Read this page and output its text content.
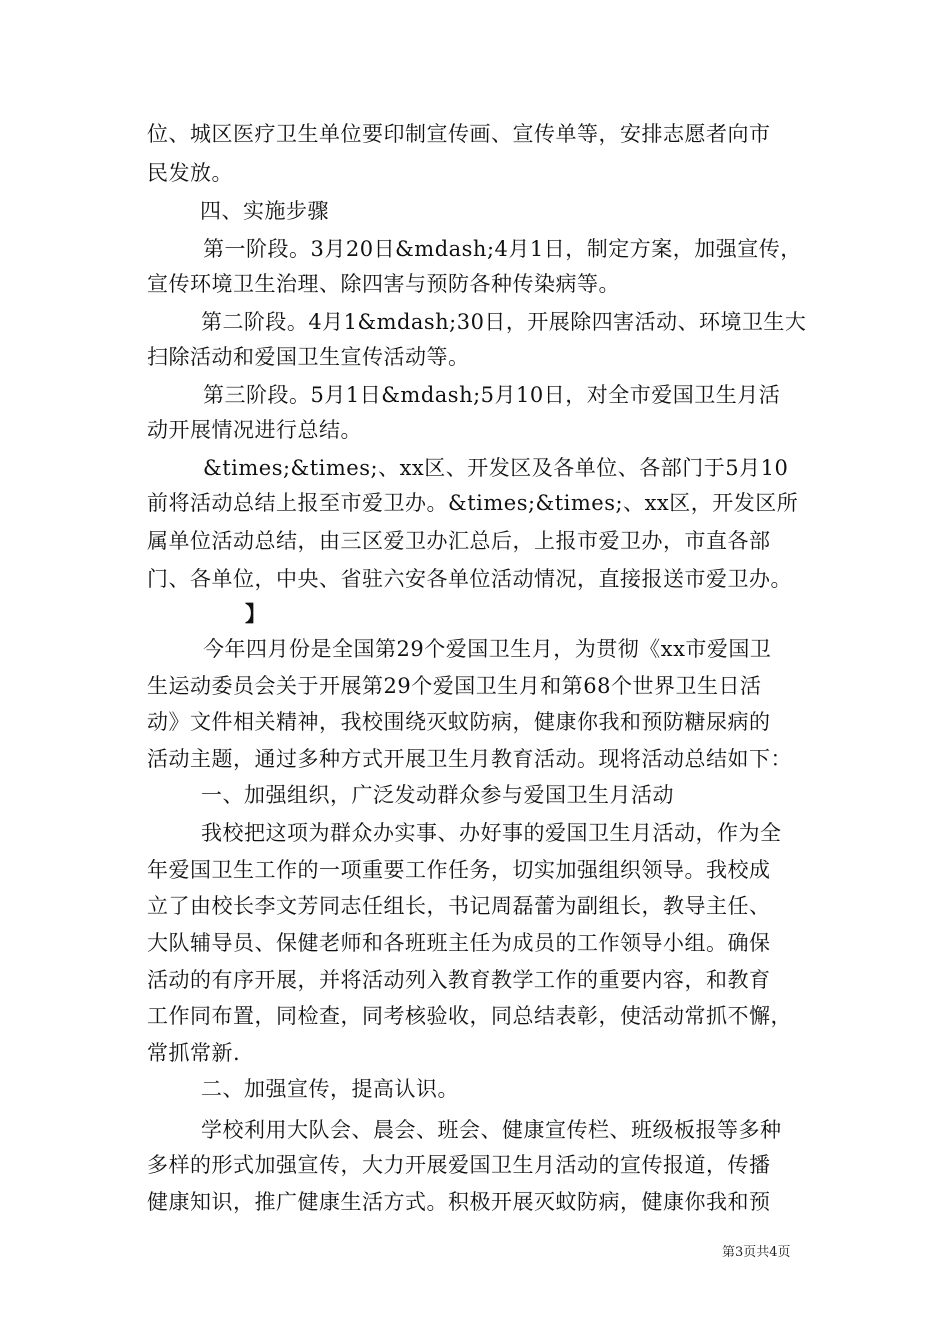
位、城区医疗卫生单位要印制宣传画、宣传单等，安排志愿者向市
民发放。
四、实施步骤
第一阶段。3月20日&mdash;4月1日，制定方案，加强宣传，
宣传环境卫生治理、除四害与预防各种传染病等。
第二阶段。4月1&mdash;30日，开展除四害活动、环境卫生大
扫除活动和爱国卫生宣传活动等。
第三阶段。5月1日&mdash;5月10日，对全市爱国卫生月活
动开展情况进行总结。
&times;&times;、xx区、开发区及各单位、各部门于5月10
前将活动总结上报至市爱卫办。&times;&times;、xx区，开发区所
属单位活动总结，由三区爱卫办汇总后，上报市爱卫办，市直各部
门、各单位，中央、省驻六安各单位活动情况，直接报送市爱卫办。
】
今年四月份是全国第29个爱国卫生月，为贯彻《xx市爱国卫
生运动委员会关于开展第29个爱国卫生月和第68个世界卫生日活
动》文件相关精神，我校围绕灭蚊防病，健康你我和预防糖尿病的
活动主题，通过多种方式开展卫生月教育活动。现将活动总结如下：
一、加强组织，广泛发动群众参与爱国卫生月活动
我校把这项为群众办实事、办好事的爱国卫生月活动，作为全
年爱国卫生工作的一项重要工作任务，切实加强组织领导。我校成
立了由校长李文芳同志任组长，书记周磊蕾为副组长，教导主任、
大队辅导员、保健老师和各班班主任为成员的工作领导小组。确保
活动的有序开展，并将活动列入教育教学工作的重要内容，和教育
工作同布置，同检查，同考核验收，同总结表彰，使活动常抓不懈，
常抓常新.
二、加强宣传，提高认识。
学校利用大队会、晨会、班会、健康宣传栏、班级板报等多种
多样的形式加强宣传，大力开展爱国卫生月活动的宣传报道，传播
健康知识，推广健康生活方式。积极开展灭蚊防病，健康你我和预
第3页共4页
